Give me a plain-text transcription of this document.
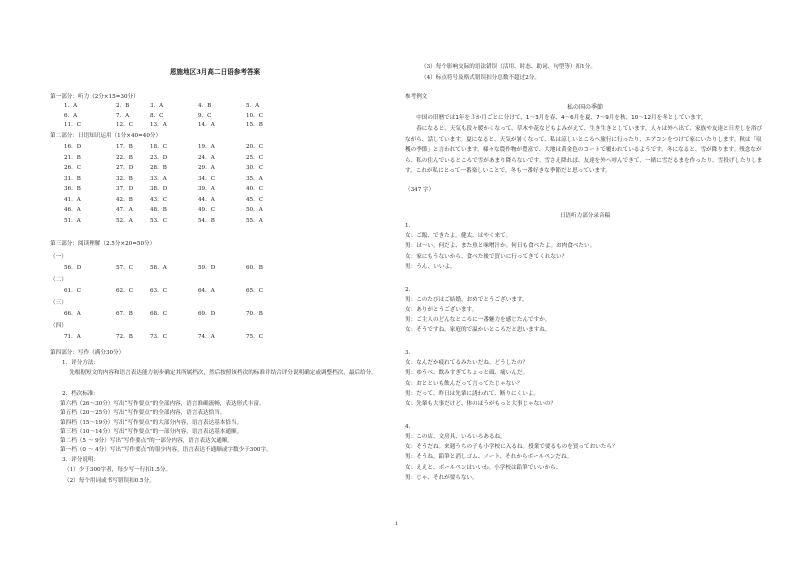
恩施地区3月高二日语参考答案
第一部分：听力（2分×15=30分）
1．A	2．B	3．A	4．B	5．A
6．A	7．A	8．C	9．C	10．C
11．C	12．C	13．A	14．A	15．B
第二部分：日语知识运用（1分×40=40分）
16．D	17．B	18．C	19．A	20．C
21．B	22．B	23．D	24．A	25．C
26．C	27．D	28．B	29．A	30．C
31．B	32．B	33．A	34．C	35．A
36．B	37．D	38．D	39．A	40．C
41．A	42．B	43．C	44．A	45．C
46．A	47．A	48．B	49．C	50．A
51．A	52．A	53．C	54．B	55．A
第三部分：阅读理解（2.5分×20=50分）
（一）
56．D	57．C	58．A	59．D	60．B
（二）
61．C	62．C	63．C	64．A	65．C
（三）
66．A	67．B	68．C	69．D	70．B
（四）
71．A	72．B	73．C	74．A	75．C
第四部分：写作（满分30分）
1．评分方法：
先根据短文的内容和语言表达能力初步确定其所属档次，然后按照该档次的标准并结合评分说明确定或调整档次，最后给分。
2．档次标准：
第六档（26～30分）写出“写作要点”的全部内容，语言准确流畅，表达形式丰富。
第五档（20～25分）写出“写作要点”的全部内容，语言表达恰当。
第四档（15～19分）写出“写作要点”的大部分内容，语言表达基本恰当。
第三档（10～14分）写出“写作要点”的一部分内容，语言表达基本通顺。
第二档（5 ～ 9分）写出“写作要点”的一部分内容，语言表达欠通顺。
第一档（0 ～ 4分）写出“写作要点”的很少内容，语言表达不通顺或字数少于300字。
3．评分说明：
（1）少于300字者，每少写一行扣1.5分。
（2）每个用词或书写错误扣0.5分。
（3）每个影响交际的语法错误（活用、时态、助词、句型等）扣1分。
（4）标点符号及格式错误扣分总数不超过2分。
参考例文
私の国の季節
中国の旧暦では1年を３か月ごとに分けて、1～3月を春、4～6月を夏、7～9月を秋、10～12月を冬としています。
春になると、天気も段々暖かくなって、草木や花などもよみがえて、生き生きとしています。人々は外へ出て、家族や友達と日差しを浴びながら、話しています。夏になると、天気が暑くなって、私は涼しいところへ旅行に行ったり、エアコンをつけて家にいたりします。秋は「収穫の季節」と言われています。様々な農作物が豊富で、大地は黄金色のコートで覆われているようです。冬になると、雪が降ります。残念ながら、私の住んでいるところで雪があまり降らないです。雪さえ降れば、友達を外へ呼んできて、一緒に雪だるまを作ったり、雪投げしたりします。これが私にとって一番楽しいことで、冬も一番好きな季節だと思っています。
（347 字）
日语听力部分录音稿
1.
女：ご飯、できたよ。健太、はやく来て。
男：は～い。何だよ、また魚と味噌汁か。何日も食べたよ。お肉食べたい。
女：家にもうないから、食べた後で買いに行ってきてくれない？
男：うん、いいよ。
2.
男：このたびはご結婚、おめでとうございます。
女：ありがとうございます。
男：ご主人のどんなところに一番魅力を感じたんですか。
女：そうですね。家庭的で温かいところだと思いますね。
3.
女：なんだか疲れてるみたいだね。どうしたの？
男：ゆうべ、飲みすぎてちょっと頭、痛いんだ。
女：おとといも飲んだって言ってたじゃない？
男：だって、昨日は先輩に誘われて、断りにくいよ。
女：先輩も大事だけど、体のほうがもっと大事じゃないの？
4.
男：この店、文房具、いろいろあるね。
女：そうだね。来週うちの子も小学校に入るね。授業で要るものを買っておいたら？
男：そうね。鉛筆と消しゴム、ノート、それからボールペンだね。
女：ええと、ボールペンはいいわ。小学校は鉛筆でいいから。
男：じゃ、それが要らない。
1
